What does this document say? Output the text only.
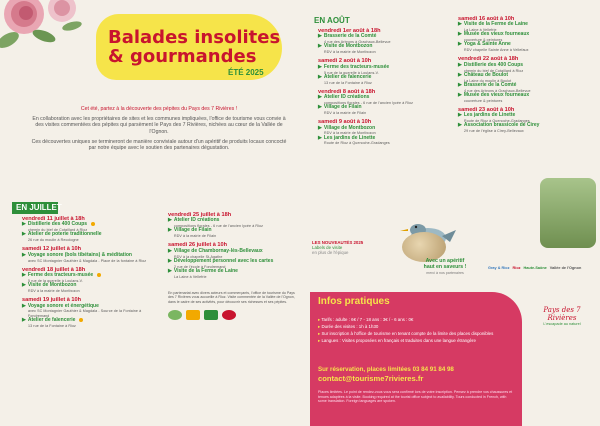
Balades insolites
& gourmandes
ÉTÉ 2025
Cet été, partez à la découverte des pépites du Pays des 7 Rivières !
En collaboration avec les propriétaires de sites et les communes impliquées, l'office de tourisme vous convie à des visites commentées des pépites qui parsèment le Pays des 7 Rivières, nichées au cœur de la Vallée de l'Ognon.
Ces découvertes uniques se termineront de manière conviviale autour d'un apéritif de produits locaux concocté par notre équipe avec le soutien des partenaires dégustation.
EN JUILLET
vendredi 11 juillet à 18h
▶ Distillerie des 400 Coups
chemin du bief de Cotaillard à Rioz
▶ Atelier de poterie traditionnelle
26 rue du moulin à Recologne
samedi 12 juillet à 10h
▶ Voyage sonore (bols tibétains) & méditation
avec SC Montagnier Gauthier & Magdala - Place de la fontaine à Rioz
vendredi 18 juillet à 18h
▶ Ferme des tracteurs-musée
5 rue de la querelle à Loulans-V.
▶ Visite de Montbozon
RDV à la mairie de Montbozon
samedi 19 juillet à 10h
▶ Voyage sonore et énergétique
avec SC Montagnier Gauthier & Magdala - Source de la Fontaine à Fondremand
▶ Atelier de faïencerie
13 rue de la Fontaine à Rioz
vendredi 25 juillet à 18h
▶ Atelier ID créations
compositions florales - 6 rue de l'ancien lycée à Rioz
▶ Village de Filain
RDV à la mairie de Filain
samedi 26 juillet à 10h
▶ Village de Chambornay-lès-Bellevaux
RDV à la chapelle St-Agathe
▶ Développement personnel avec les cartes
2 rue de l'école à Fondremand
▶ Visite de la Ferme de Laine
La Laine à Vellefrie
En partenariat avec divers acteurs et commerçants, l'office de tourisme du Pays des 7 Rivières vous accueille à Rioz. Visite commentée de la Vallée de l'Ognon, dans le cadre de ses activités, pour découvrir ses richesses et ses pépites.
EN AOÛT
vendredi 1er août à 18h
▶ Brasserie de la Comté
4 rue des Arbrons à Grachaux-Bellevue
▶ Visite de Montbozon
RDV à la mairie de Montbozon
samedi 2 août à 10h
▶ Ferme des tracteurs-musée
5 rue de la querelle à Loulans-V.
▶ Atelier de faïencerie
13 rue de la Fontaine à Rioz
vendredi 8 août à 18h
▶ Atelier ID créations
compositions florales - 6 rue de l'ancien lycée à Rioz
▶ Village de Filain
RDV à la mairie de Filain
samedi 9 août à 10h
▶ Village de Montbozon
RDV à la mairie de Montbozon
▶ Les jardins de Linette
Route de Rioz à Quenoche-Gradanges
samedi 16 août à 10h
▶ Visite de la Ferme de Laine
La Laine à Vellefrie
▶ Musée des vieux fourneaux
couverture & peintures
▶ Yoga & Sainte Anne
RDV chapelle Sainte Anne à Vellefaux
vendredi 22 août à 18h
▶ Distillerie des 400 Coups
chemin du bief de Cotaillard à Rioz
▶ Château de Boulot
La Laine du moulin à Boulot
▶ Brasserie de la Comté
4 rue des Arbrons à Grachaux-Bellevue
▶ Musée des vieux fourneaux
couverture & peintures
samedi 23 août à 10h
▶ Les jardins de Linette
Route de Rioz à Quenoche-Gradanges
▶ Association brassicole de Cirey
29 rue de l'église à Cirey-Bellevaux
LES NOUVEAUTÉS 2025
Labels de visite
en plus de l'épique
Avec un apéritif
haut en saveurs !
merci à nos partenaires
Gray & Rioz Rioz Haute-Saône Vallée de l'Ognon
Infos pratiques
▸ Tarifs : adulte : 6€ / 7 - 18 ans : 3€ / - 6 ans : 0€
▸ Durée des visites : 1h à 1h30
▸ Sur inscription à l'office de tourisme en tenant compte de la limite des places disponibles
▸ Langues : Visites proposées en français et traduites dans une langue étrangère
Sur réservation, places limitées 03 84 91 84 98
contact@tourisme7rivieres.fr
Places limitées. Le point de rendez-vous vous sera confirmé lors de votre inscription. Pensez à prendre vos chaussures et tenues adaptées à la visite. Booking required at the tourist office subject to availability. Tours conducted in French, with some translation. Foreign languages are spoken.
Pays des 7 Rivières
L'escapade au naturel
